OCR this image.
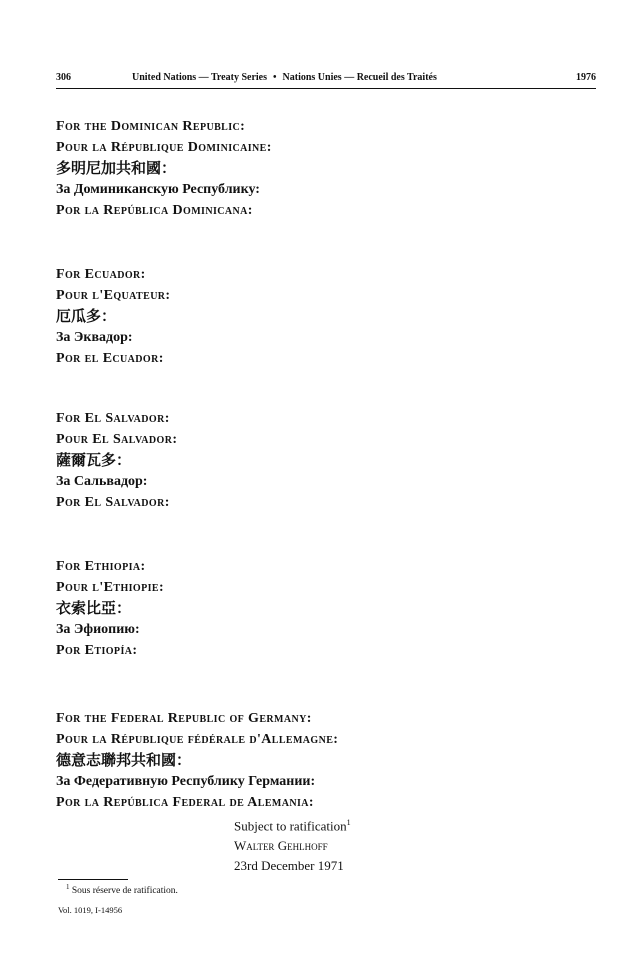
306	United Nations — Treaty Series • Nations Unies — Recueil des Traités	1976
For the Dominican Republic:
Pour la République Dominicaine:
多明尼加共和國：
За Доминиканскую Республику:
Por la República Dominicana:
For Ecuador:
Pour l'Equateur:
厄瓜多：
За Эквадор:
Por el Ecuador:
For El Salvador:
Pour El Salvador:
薩爾瓦多：
За Сальвадор:
Por El Salvador:
For Ethiopia:
Pour l'Ethiopie:
衣索比亞：
За Эфиопию:
Por Etiopía:
For the Federal Republic of Germany:
Pour la République fédérale d'Allemagne:
德意志聯邦共和國：
За Федеративную Республику Германии:
Por la República Federal de Alemania:
Subject to ratification$^1$
Walter Gehlhoff
23rd December 1971
$^1$ Sous réserve de ratification.
Vol. 1019, I-14956
